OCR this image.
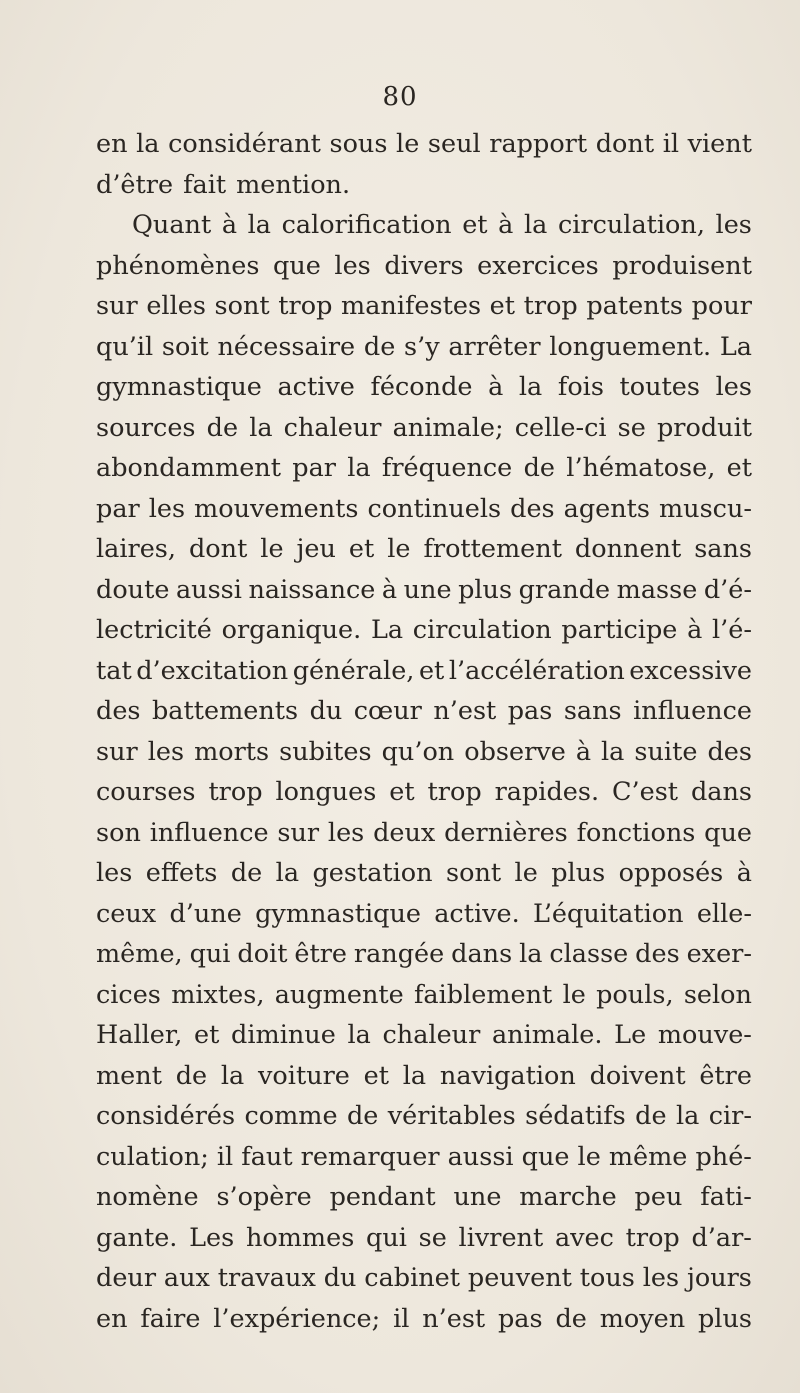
80
en la considérant sous le seul rapport dont il vient
d’être fait mention.
Quant à la calorification et à la circulation, les
phénomènes que les divers exercices produisent
sur elles sont trop manifestes et trop patents pour
qu’il soit nécessaire de s’y arrêter longuement. La
gymnastique active féconde à la fois toutes les
sources de la chaleur animale; celle-ci se produit
abondamment par la fréquence de l’hématose, et
par les mouvements continuels des agents muscu-
laires, dont le jeu et le frottement donnent sans
doute aussi naissance à une plus grande masse d’é-
lectricité organique. La circulation participe à l’é-
tat d’excitation générale, et l’accélération excessive
des battements du cœur n’est pas sans influence
sur les morts subites qu’on observe à la suite des
courses trop longues et trop rapides. C’est dans
son influence sur les deux dernières fonctions que
les effets de la gestation sont le plus opposés à
ceux d’une gymnastique active. L’équitation elle-
même, qui doit être rangée dans la classe des exer-
cices mixtes, augmente faiblement le pouls, selon
Haller, et diminue la chaleur animale. Le mouve-
ment de la voiture et la navigation doivent être
considérés comme de véritables sédatifs de la cir-
culation; il faut remarquer aussi que le même phé-
nomène s’opère pendant une marche peu fati-
gante. Les hommes qui se livrent avec trop d’ar-
deur aux travaux du cabinet peuvent tous les jours
en faire l’expérience; il n’est pas de moyen plus
